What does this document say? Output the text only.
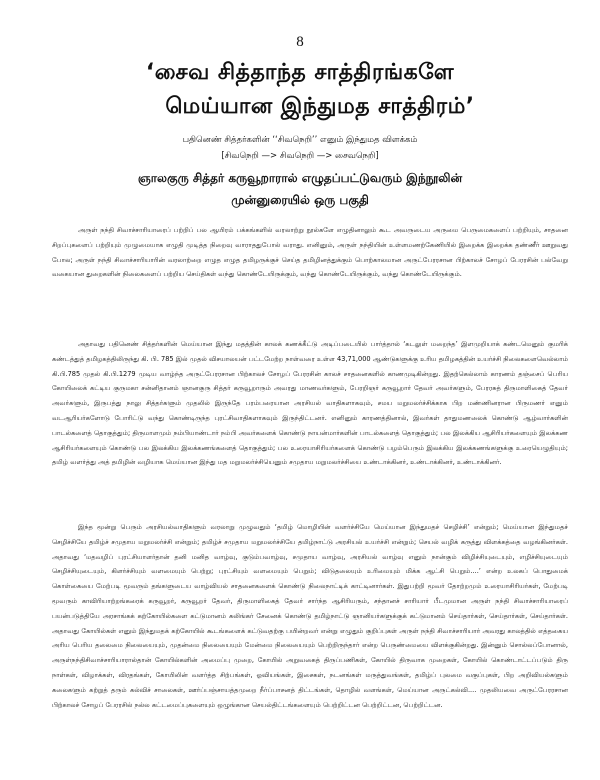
8
‘சைவ சித்தாந்த சாத்திரங்களே
மெய்யான இந்துமத சாத்திரம்’
பதினெண் சித்தர்களின் ‘‘சிவநெறி’’ எனும் இந்துமத விளக்கம்
[சிவநெறி —> சிவநெறி —> சைவநெறி]
ஞாலகுரு சித்தர் கருவூறாரால் எழுதப்பட்டுவரும் இந்நூலின்
முன்னுரையில் ஒரு பகுதி

அருள் நந்தி சிவாச்சாரியாரைப் பற்றிப் பல ஆயிரம் பக்கங்களில் வரலாற்று நூல்களே எழுதினாலும் கூட அவருடைய அருமை பெருமைகளைப் பற்றியும், சாதனை சிறப்புகளைப் பற்றியும் முழுமையாக எழுதி முடித்த நிறைவு வாராததுபோல் வராது. எனினும், அருள் நந்தியின் உள்ளமணற்கேணியில் இறைக்க இறைக்க தண்ணீர் ஊறுவது போல; அருள் நந்தி சிவாச்சாரியாரின் வரலாற்றை எழுத எழுத தமிழருக்குச் செய்த தமிழினத்துக்கும் பொற்காலமான அருட்பேரரசான பிற்காலச் சோழப் பேரரசின் பல்வேறு வகையான துறைகளின் நிலைகளைப் பற்றிய செய்திகள் வந்து கொண்டேயிருக்கும், வந்து கொண்டேயிருக்கும், வந்து கொண்டேயிருக்கும்.

அதாவது பதினெண் சித்தர்களின் மெய்யான இந்து மதத்தின் காலக் கணக்கீட்டு அடிப்படையில் பார்த்தால் ‘கடலுள் மறைந்த’ இளமுறியாக் கண்டமெனும் குமரிக் கண்டத்துத் தமிழகத்திலிருந்து கி. பி. 785 இல் முதல் விசயாலயன் பட்டமேற்ற நாள்வரை உள்ள 43,71,000 ஆண்டுகளுக்கு உரிய தமிழகத்தின் உயர்ச்சி நிலைகளைவெல்லாம் கி.பி.785 முதல் கி.பி.1279 முடிய வாழ்ந்த அருட்பேரரசான பிற்காலச் சோழப் பேரரசின் காலச் சாதனைகளில் காணமுடிகின்றது. இதற்கெல்லாம் காரணம் தஞ்சைப் பெரிய கோயிலைக் கட்டிய குருமகா சன்னிதானம் ஞானகுரு சித்தர் கருவூறாரும் அவரது மாணவர்களும், பேரறிஞர் கருவூறார் தேவர் அவர்களும், பேரரசுத் திருமாளிகைத் தேவர் அவர்களும், இருபத்து நாலு சித்தர்களும் முதலில் இருந்தே பரம்பரையான அரசியல் வாதிகளாகவும், சமய மறுமலர்ச்சிக்காக பிற மண்ணினரான பிருமணர் எனும் வடஆரியர்களோடு போரிட்டு வந்து கொண்டிருந்த புரட்சிவாதிகளாகவும் இருந்திட்டனர். எனினும் காரணத்தினால், இவர்கள் தாதுமணலைக் கொண்டு ஆழ்வார்களின் பாடல்களைத் தொகுத்தும்; திருமாளமும் நம்பியாண்டார் நம்பி அவர்களைக் கொண்டு நாயன்மார்களின் பாடல்களைத் தொகுத்தும்; பல இலக்கிய ஆசிரியர்களையும் இலக்கண ஆசிரியர்களையும் கொண்டு பல இலக்கிய இலக்கணங்களைத் தொகுத்தும்; பல உரையாசிரியர்களைக் கொண்டு பழம்பெரும் இலக்கிய இலக்கணங்களுக்கு உரையெழுதியும்; தமிழ் வளர்த்து அத் தமிழின் வழியாக மெய்யான இந்து மத மறுமலர்ச்சியெனும் சமுதாய மறுமலர்ச்சியை உண்டாக்கினர், உண்டாக்கினர், உண்டாக்கினர்.

இந்த மூன்று பெரும் அரசியல்வாதிகளும் வரலாறு முழுவதும் ‘தமிழ் மொழியின் வளர்ச்சியே மெய்யான இந்துமதச் செழிச்சி’ என்றும்; மெய்யான இந்துமதச் செழிச்சியே தமிழ்ச் சமுதாய மறுமலர்ச்சி என்றும்; தமிழ்ச் சமுதாய மறுமலர்ச்சியே தமிழ்நாட்டு அரசியல் உயர்ச்சி என்றும்; செயல் வழிக் கருத்து விளக்கத்தை வழங்கினர்கள். அதாவது ‘மதவழிப் புரட்சியாளர்தான் தனி மனித வாழ்வு, குடும்பவாழ்வு, சமுதாய வாழ்வு, அரசியல் வாழ்வு எனும் நான்கும் விழிச்சியுடையும், எழிச்சியுடையும் செழிச்சியுடையும், கிளர்ச்சியும் வளமையும் பெற்று; புரட்சியும் வளமையும் பெறும்; விடுதலையும் உரிமையும் மிக்க ஆட்சி பெறும்....’ என்ற உலகப் பொதுமைக் கொள்கையை மேற்படி மூவரும் தங்களுடைய வாழ்வியல் சாதனைகளைக் கொண்டு நிலைநாட்டிக் காட்டினார்கள். இதுபற்றி மூவர் தோற்றமும் உரையாசிரியர்கள், மேற்படி மூவரும் காவிரியாற்றங்கரைக் கருவூறர், கருவூறர் தேவர், திருமாளிகைத் தேவர் சார்ந்த ஆசிரியரும், சந்தானச் சாரியார் பீடமுமான அருள் நந்தி சிவாச்சாரியாரைப் பயன்படுத்தியே அரசாங்கக் கற்கோயில்களை கட்டுமானம் கலிங்கர் சேனைக் கொண்டு தமிழ்நாட்டு ஞானியர்களுக்குக் கட்டுமானம் செய்தார்கள், செய்தார்கள், செய்தார்கள். அதாவது கோயில்கள் எனும் இந்துமதக் கற்கோயில் கூடங்களைக் கட்டுவதற்கு பயின்றவர் என்று எழுதும் குறிப்புகள் அருள் நந்தி சிவாச்சாரியார் அவரது காலத்தில் எத்தகைய அரிய பெரிய தலைமை நிலையையும், முதன்மை நிலையையும் மேன்மை நிலையையும் பெற்றிருந்தார் என்ற பெருண்மையை விளக்குகின்றது. இன்னும் சொல்லப்போனால், அருள்நந்திசிவாச்சாரியாரால்தான் கோயில்களின் அமைப்பு முறை, கோயில் அறுவகைத் திருப்பணிகள், கோயில் திருவாக முறைகள், கோயில் கொண்டாட்டப்படும் திரு நாள்கள், விழாக்கள், விரதங்கள், கோயிலின் வளர்த்த சிற்பங்கள், ஓவியங்கள், இசைகள், நடனங்கள் மருத்துவங்கள், தமிழ்ப் புலமை வகுப்புகள், பிற அறிவியல்களும் கலைகளும் கற்றுத் தரும் கல்விச் சாலைகள், ஊர்ப்பஞ்சாயத்தமுறை நீர்ப்பாசனத் திட்டங்கள், தொழில் வளங்கள், மெய்யான அருட்கல்வி.... முதலியவை அருட்பேரரசான பிற்காலச் சோழப் பேரரசில் நல்ல கட்டமைப்புகளையும் ஒழுங்கான செயல்திட்டங்களையும் பெற்றிட்டன பெற்றிட்டன, பெற்றிட்டன.
